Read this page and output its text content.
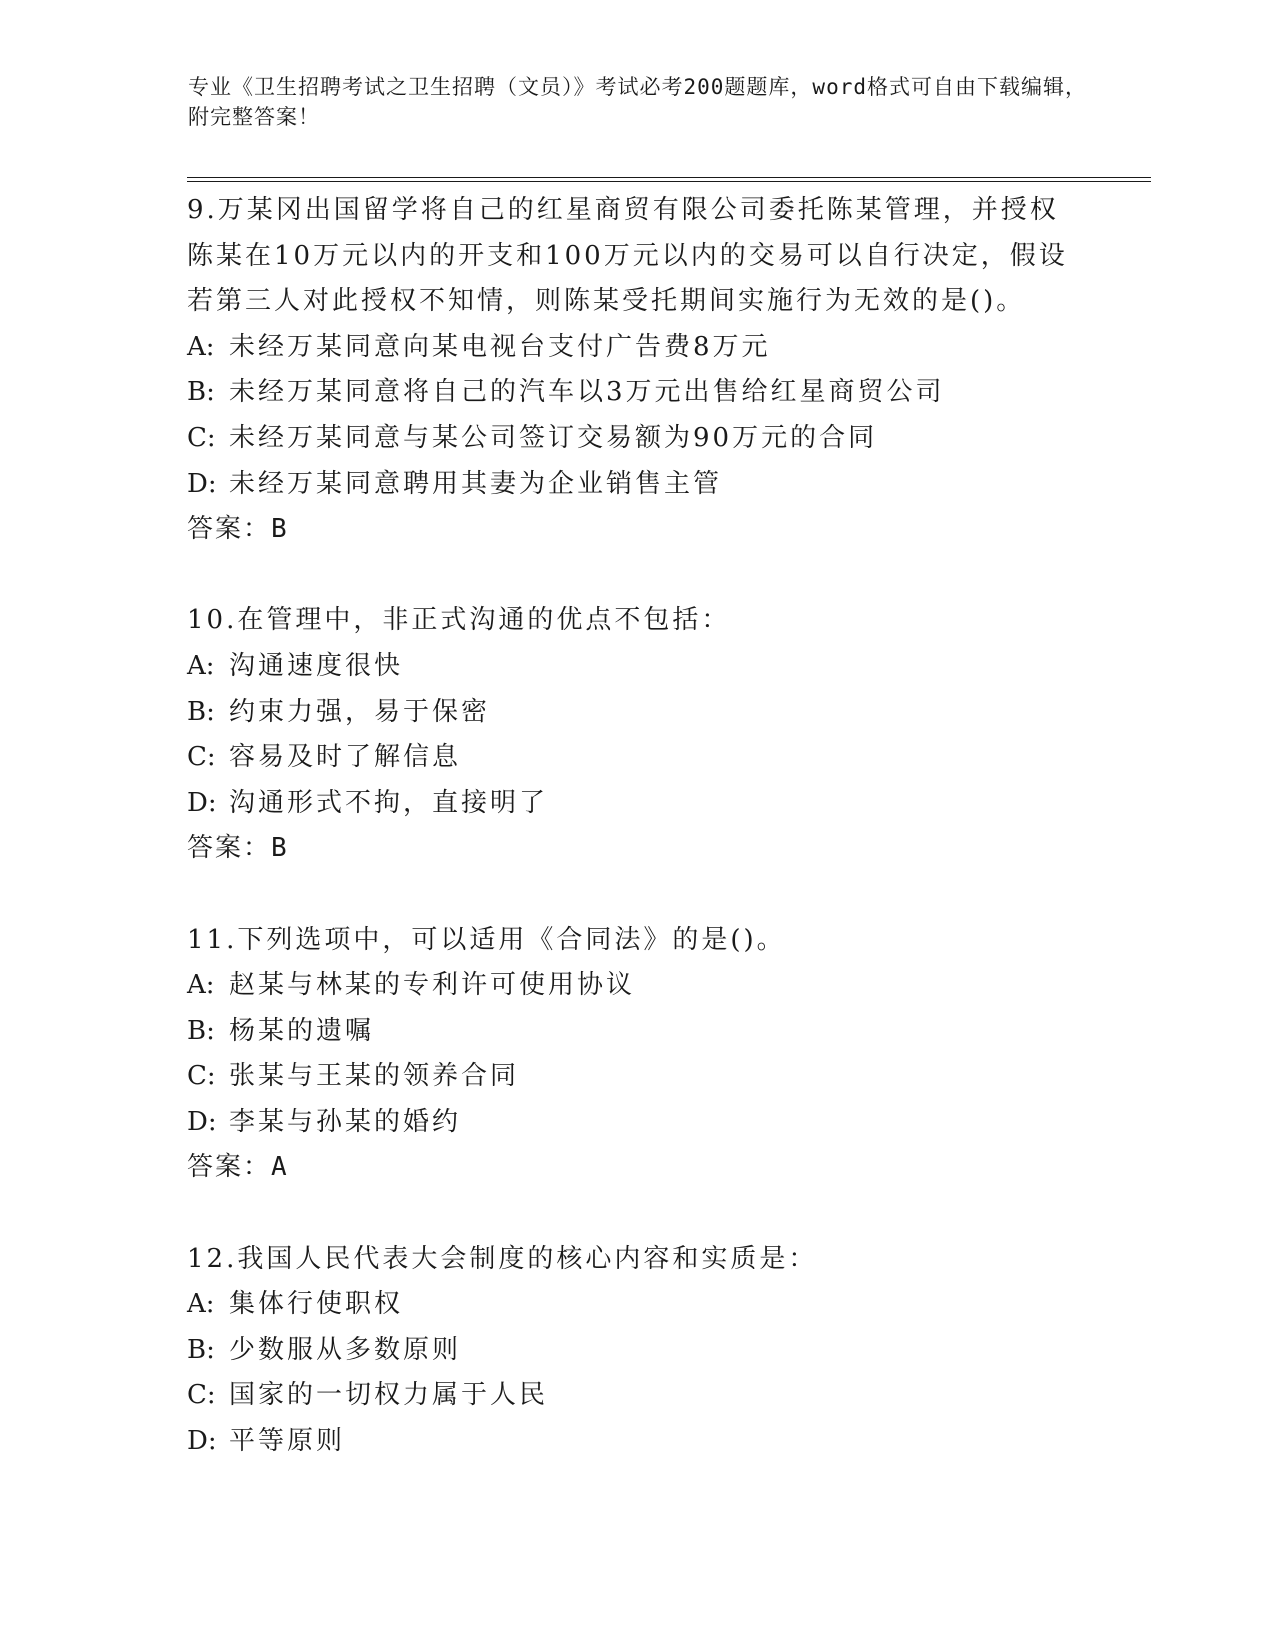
专业《卫生招聘考试之卫生招聘（文员）》考试必考200题题库，word格式可自由下载编辑，附完整答案！
9.万某冈出国留学将自己的红星商贸有限公司委托陈某管理，并授权陈某在10万元以内的开支和100万元以内的交易可以自行决定，假设若第三人对此授权不知情，则陈某受托期间实施行为无效的是()。
A: 未经万某同意向某电视台支付广告费8万元
B: 未经万某同意将自己的汽车以3万元出售给红星商贸公司
C: 未经万某同意与某公司签订交易额为90万元的合同
D: 未经万某同意聘用其妻为企业销售主管
答案：B
10.在管理中，非正式沟通的优点不包括：
A: 沟通速度很快
B: 约束力强，易于保密
C: 容易及时了解信息
D: 沟通形式不拘，直接明了
答案：B
11.下列选项中，可以适用《合同法》的是()。
A: 赵某与林某的专利许可使用协议
B: 杨某的遗嘱
C: 张某与王某的领养合同
D: 李某与孙某的婚约
答案：A
12.我国人民代表大会制度的核心内容和实质是：
A: 集体行使职权
B: 少数服从多数原则
C: 国家的一切权力属于人民
D: 平等原则
